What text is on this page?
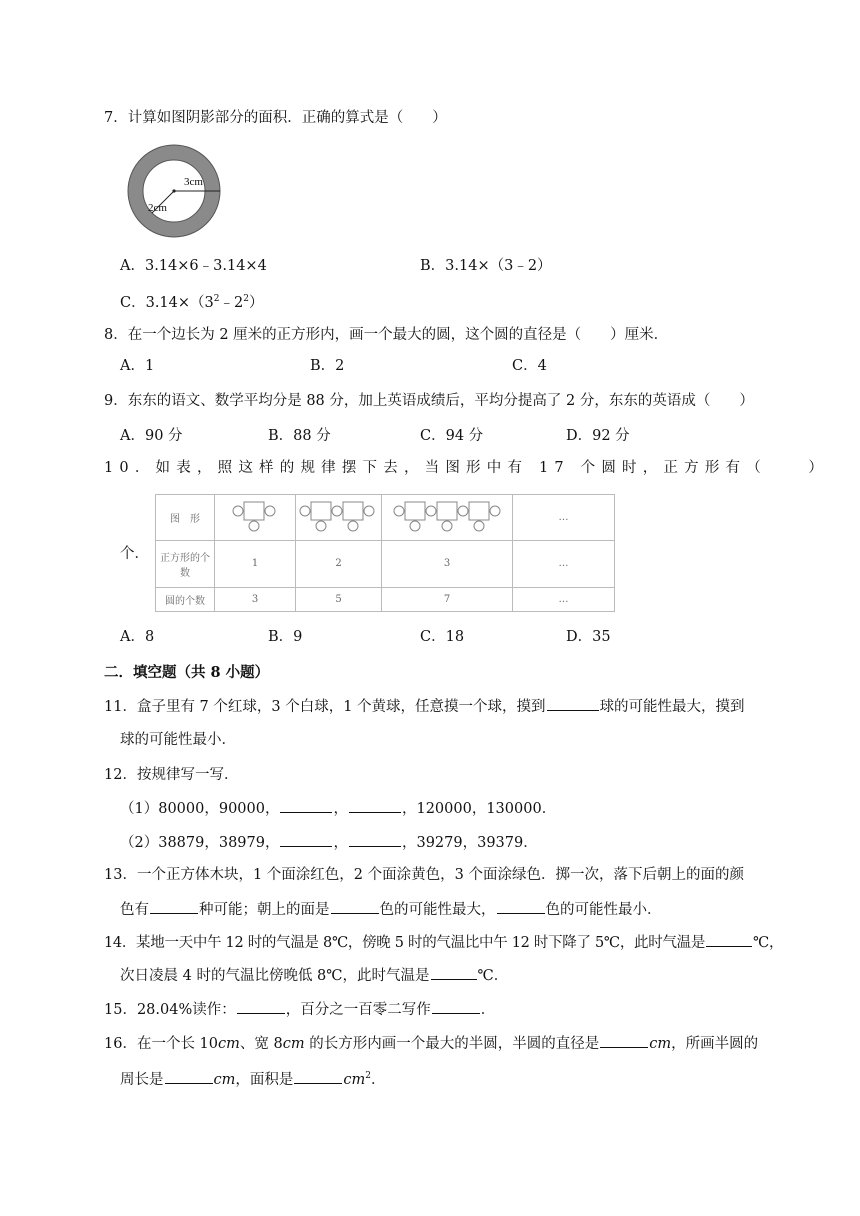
7．计算如图阴影部分的面积．正确的算式是（　　）
3cm
2cm
A．3.14×6﹣3.14×4	B．3.14×（3﹣2）
C．$3.14\times(3^2﹣2^2)$
8．在一个边长为 2 厘米的正方形内，画一个最大的圆，这个圆的直径是（　　）厘米．
A．1	B．2	C．4
9．东东的语文、数学平均分是 88 分，加上英语成绩后，平均分提高了 2 分，东东的英语成（　　）
A．90 分	B．88 分	C．94 分	D．92 分
10．如表，照这样的规律摆下去，当图形中有 17 个圆时，正方形有（　　）
个．
图　形				…
正方形的个数	1	2	3	…
圆的个数	3	5	7	…
A．8	B．9	C．18	D．35
二．填空题（共 8 小题）
11．盒子里有 7 个红球，3 个白球，1 个黄球，任意摸一个球，摸到	球的可能性最大，摸到
球的可能性最小．
12．按规律写一写．
（1）80000，90000，	，	，120000，130000．
（2）38879，38979，	，	，39279，39379．
13．一个正方体木块，1 个面涂红色，2 个面涂黄色，3 个面涂绿色．掷一次，落下后朝上的面的颜
色有	种可能；朝上的面是	色的可能性最大，	色的可能性最小．
14．某地一天中午 12 时的气温是 8℃，傍晚 5 时的气温比中午 12 时下降了 5℃，此时气温是	℃，
次日凌晨 4 时的气温比傍晚低 8℃，此时气温是	℃．
15．28.04%读作：	，百分之一百零二写作	．
16．在一个长 10cm、宽 8cm 的长方形内画一个最大的半圆，半圆的直径是	cm，所画半圆的
周长是	cm，面积是	$cm^2$．
